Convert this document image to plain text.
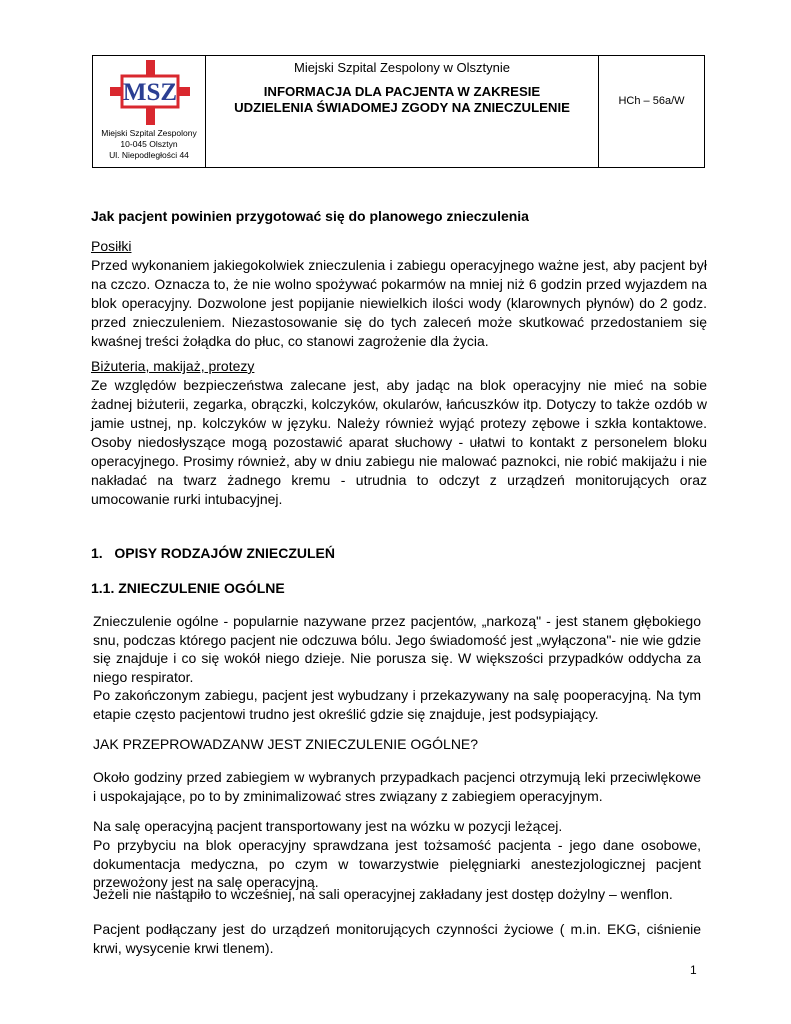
MSZ
Miejski Szpital Zespolony
10-045 Olsztyn
Ul. Niepodległości 44
Miejski Szpital Zespolony w Olsztynie
INFORMACJA DLA PACJENTA W ZAKRESIE
UDZIELENIA ŚWIADOMEJ ZGODY NA ZNIECZULENIE	HCh – 56a/W
Jak pacjent powinien przygotować się do planowego znieczulenia
Posiłki
Przed wykonaniem jakiegokolwiek znieczulenia i zabiegu operacyjnego ważne jest, aby pacjent był na czczo. Oznacza to, że nie wolno spożywać pokarmów na mniej niż 6 godzin przed wyjazdem na blok operacyjny. Dozwolone jest popijanie niewielkich ilości wody (klarownych płynów) do 2 godz. przed znieczuleniem. Niezastosowanie się do tych zaleceń może skutkować przedostaniem się kwaśnej treści żołądka do płuc, co stanowi zagrożenie dla życia.
Biżuteria, makijaż, protezy
Ze względów bezpieczeństwa zalecane jest, aby jadąc na blok operacyjny nie mieć na sobie żadnej biżuterii, zegarka, obrączki, kolczyków, okularów, łańcuszków itp. Dotyczy to także ozdób w jamie ustnej, np. kolczyków w języku. Należy również wyjąć protezy zębowe i szkła kontaktowe. Osoby niedosłyszące mogą pozostawić aparat słuchowy - ułatwi to kontakt z personelem bloku operacyjnego. Prosimy również, aby w dniu zabiegu nie malować paznokci, nie robić makijażu i nie nakładać na twarz żadnego kremu - utrudnia to odczyt z urządzeń monitorujących oraz umocowanie rurki intubacyjnej.
1.   OPISY RODZAJÓW ZNIECZULEŃ
1.1. ZNIECZULENIE OGÓLNE
Znieczulenie ogólne - popularnie nazywane przez pacjentów, „narkozą" - jest stanem głębokiego snu, podczas którego pacjent nie odczuwa bólu. Jego świadomość jest „wyłączona"- nie wie gdzie się znajduje i co się wokół niego dzieje. Nie porusza się. W większości przypadków oddycha za niego respirator.
Po zakończonym zabiegu, pacjent jest wybudzany i przekazywany na salę pooperacyjną. Na tym etapie często pacjentowi trudno jest określić gdzie się znajduje, jest podsypiający.
JAK PRZEPROWADZANW JEST ZNIECZULENIE OGÓLNE?
Około godziny przed zabiegiem w wybranych przypadkach pacjenci otrzymują leki przeciwlękowe i uspokajające, po to by zminimalizować stres związany z zabiegiem operacyjnym.
Na salę operacyjną pacjent transportowany jest na wózku w pozycji leżącej.
Po przybyciu na blok operacyjny sprawdzana jest tożsamość pacjenta - jego dane osobowe, dokumentacja medyczna, po czym w towarzystwie pielęgniarki anestezjologicznej pacjent przewożony jest na salę operacyjną.
Jeżeli nie nastąpiło to wcześniej, na sali operacyjnej zakładany jest dostęp dożylny – wenflon.
Pacjent podłączany jest do urządzeń monitorujących czynności życiowe ( m.in. EKG, ciśnienie krwi, wysycenie krwi tlenem).
1
